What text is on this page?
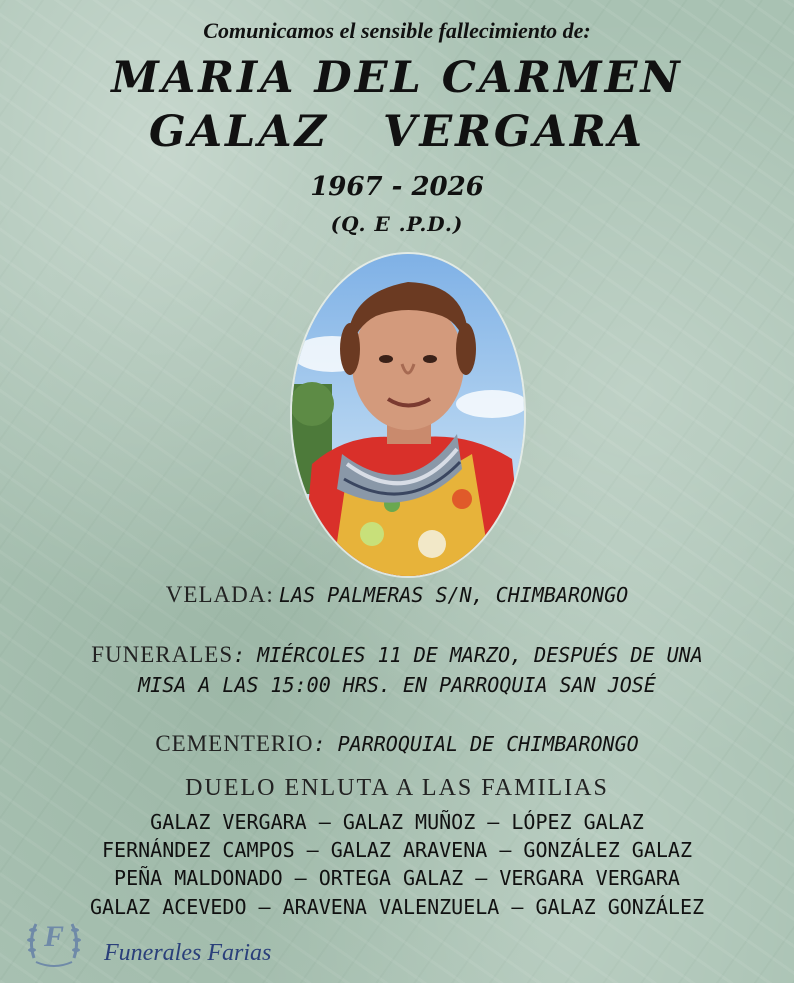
Comunicamos el sensible fallecimiento de:
MARIA DEL CARMEN
GALAZ   VERGARA
1967 - 2026
(Q. E .P.D.)
VELADA: LAS PALMERAS S/N, CHIMBARONGO
FUNERALES: MIÉRCOLES 11 DE MARZO, DESPUÉS DE UNA
MISA A LAS 15:00 HRS. EN PARROQUIA SAN JOSÉ
CEMENTERIO: PARROQUIAL DE CHIMBARONGO
DUELO ENLUTA A LAS FAMILIAS
GALAZ VERGARA – GALAZ MUÑOZ – LÓPEZ GALAZ
FERNÁNDEZ CAMPOS – GALAZ ARAVENA – GONZÁLEZ GALAZ
PEÑA MALDONADO – ORTEGA GALAZ – VERGARA VERGARA
GALAZ ACEVEDO – ARAVENA VALENZUELA – GALAZ GONZÁLEZ
F	Funerales Farias
